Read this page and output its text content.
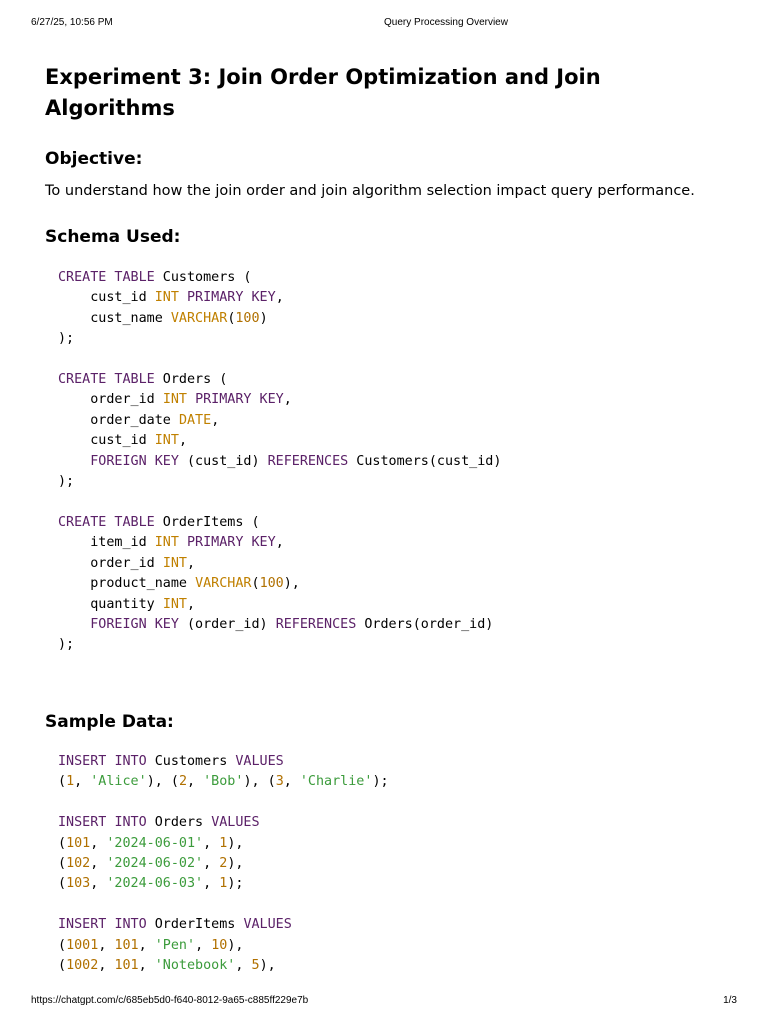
6/27/25, 10:56 PM	Query Processing Overview
Experiment 3: Join Order Optimization and Join Algorithms
Objective:

To understand how the join order and join algorithm selection impact query performance.

Schema Used:
CREATE TABLE Customers (
cust_id INT PRIMARY KEY,
cust_name VARCHAR(100)
);

CREATE TABLE Orders (
order_id INT PRIMARY KEY,
order_date DATE,
cust_id INT,
FOREIGN KEY (cust_id) REFERENCES Customers(cust_id)
);

CREATE TABLE OrderItems (
item_id INT PRIMARY KEY,
order_id INT,
product_name VARCHAR(100),
quantity INT,
FOREIGN KEY (order_id) REFERENCES Orders(order_id)
);
Sample Data:
INSERT INTO Customers VALUES
(1, 'Alice'), (2, 'Bob'), (3, 'Charlie');

INSERT INTO Orders VALUES
(101, '2024-06-01', 1),
(102, '2024-06-02', 2),
(103, '2024-06-03', 1);

INSERT INTO OrderItems VALUES
(1001, 101, 'Pen', 10),
(1002, 101, 'Notebook', 5),
https://chatgpt.com/c/685eb5d0-f640-8012-9a65-c885ff229e7b	1/3
